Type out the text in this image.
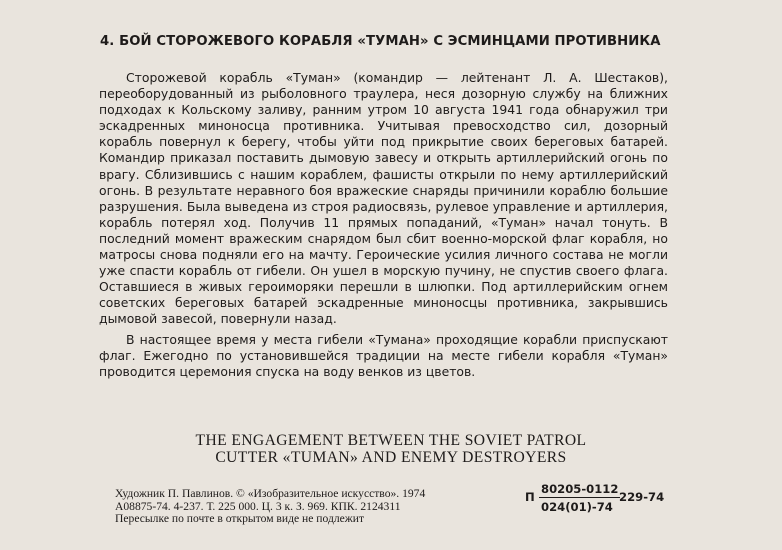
4. БОЙ СТОРОЖЕВОГО КОРАБЛЯ «ТУМАН» С ЭСМИНЦАМИ ПРОТИВНИКА

Сторожевой корабль «Туман» (командир — лейтенант Л. А. Шестаков), переоборудованный из рыболовного траулера, неся дозорную службу на ближних подходах к Кольскому заливу, ранним утром 10 августа 1941 года обнаружил три эскадренных миноносца противника. Учитывая превосходство сил, дозорный корабль повернул к берегу, чтобы уйти под прикрытие своих береговых батарей. Командир приказал поставить дымовую завесу и открыть артиллерийский огонь по врагу. Сблизившись с нашим кораблем, фашисты открыли по нему артиллерийский огонь. В результате неравного боя вражеские снаряды причинили кораблю большие разрушения. Была выведена из строя радиосвязь, рулевое управление и артиллерия, корабль потерял ход. Получив 11 прямых попаданий, «Туман» начал тонуть. В последний момент вражеским снарядом был сбит военно-морской флаг корабля, но матросы снова подняли его на мачту. Героические усилия личного состава не могли уже спасти корабль от гибели. Он ушел в морскую пучину, не спустив своего флага. Оставшиеся в живых героиморяки перешли в шлюпки. Под артиллерийским огнем советских береговых батарей эскадренные миноносцы противника, закрывшись дымовой завесой, повернули назад.

В настоящее время у места гибели «Тумана» проходящие корабли приспускают флаг. Ежегодно по установившейся традиции на месте гибели корабля «Туман» проводится церемония спуска на воду венков из цветов.

THE ENGAGEMENT BETWEEN THE SOVIET PATROL
CUTTER «TUMAN» AND ENEMY DESTROYERS
Художник П. Павлинов. © «Изобразительное искусство». 1974
А08875-74. 4-237. Т. 225 000. Ц. 3 к. З. 969. КПК. 2124311
Пересылке по почте в открытом виде не подлежит
П $\frac{80205-0112}{024(01)-74}$
229-74
